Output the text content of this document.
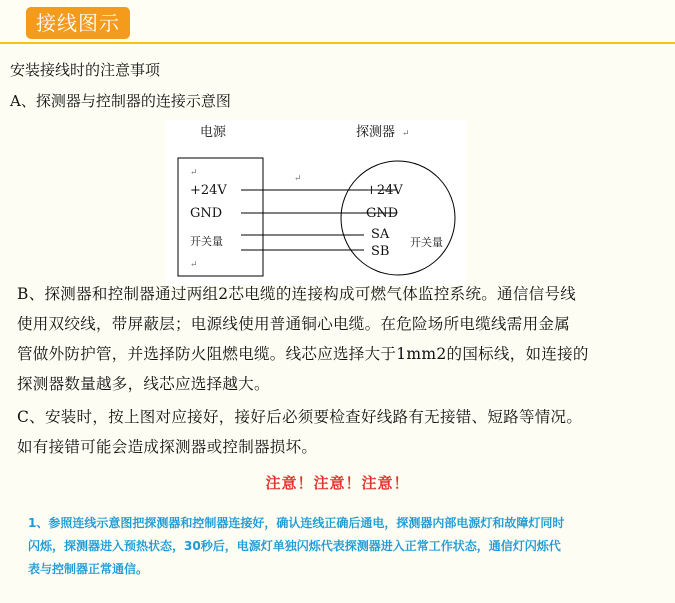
接线图示
安装接线时的注意事项
A、探测器与控制器的连接示意图
电源	探测器 ↵
↵
↵
↵
+24V
GND
开关量
+24V
GND
SA
SB
开关量
B、探测器和控制器通过两组2芯电缆的连接构成可燃气体监控系统。通信信号线
使用双绞线，带屏蔽层；电源线使用普通铜心电缆。在危险场所电缆线需用金属
管做外防护管，并选择防火阻燃电缆。线芯应选择大于1mm2的国标线，如连接的
探测器数量越多，线芯应选择越大。
C、安装时，按上图对应接好，接好后必须要检查好线路有无接错、短路等情况。
如有接错可能会造成探测器或控制器损坏。
注意！注意！注意！
1、参照连线示意图把探测器和控制器连接好，确认连线正确后通电，探测器内部电源灯和故障灯同时
闪烁，探测器进入预热状态，30秒后，电源灯单独闪烁代表探测器进入正常工作状态，通信灯闪烁代
表与控制器正常通信。
